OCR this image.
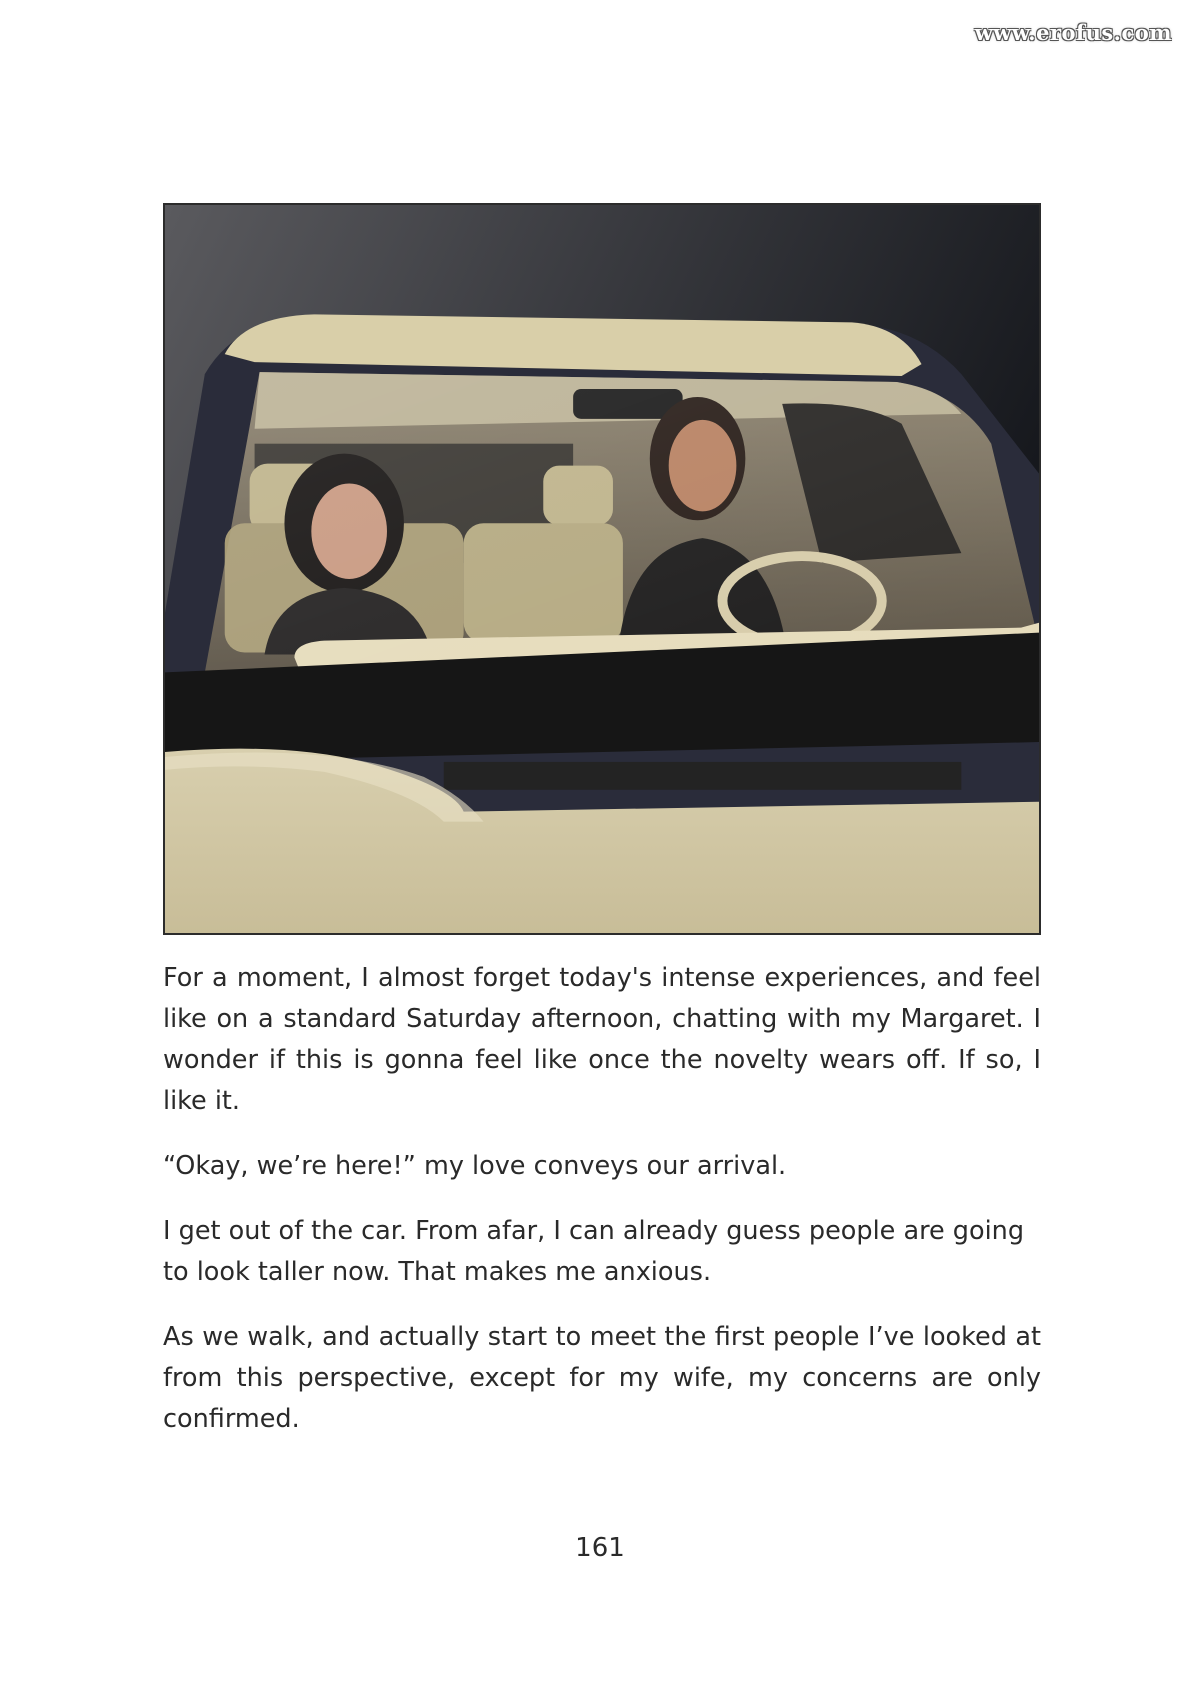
www.erofus.com

For a moment, I almost forget today's intense experiences, and feel like on a standard Saturday afternoon, chatting with my Margaret. I wonder if this is gonna feel like once the novelty wears off. If so, I like it.

“Okay, we’re here!” my love conveys our arrival.

I get out of the car. From afar, I can already guess people are going to look taller now. That makes me anxious.

As we walk, and actually start to meet the first people I’ve looked at from this perspective, except for my wife, my concerns are only confirmed.

161
